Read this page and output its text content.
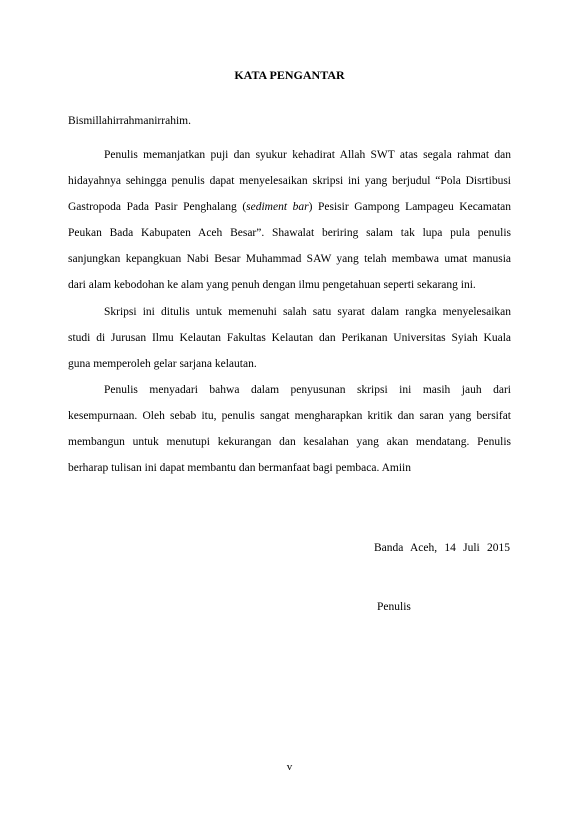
KATA PENGANTAR
Bismillahirrahmanirrahim.
Penulis memanjatkan puji dan syukur kehadirat Allah SWT atas segala rahmat dan
hidayahnya sehingga penulis dapat menyelesaikan skripsi ini yang berjudul “Pola Disrtibusi
Gastropoda Pada Pasir Penghalang (sediment bar) Pesisir Gampong Lampageu Kecamatan
Peukan Bada Kabupaten Aceh Besar”. Shawalat beriring salam tak lupa pula penulis
sanjungkan kepangkuan Nabi Besar Muhammad SAW yang telah membawa umat manusia
dari alam kebodohan ke alam yang penuh dengan ilmu pengetahuan seperti sekarang ini.
Skripsi ini ditulis untuk memenuhi salah satu syarat dalam rangka menyelesaikan
studi di Jurusan Ilmu Kelautan Fakultas Kelautan dan Perikanan Universitas Syiah Kuala
guna memperoleh gelar sarjana kelautan.
Penulis menyadari bahwa dalam penyusunan skripsi ini masih jauh dari
kesempurnaan. Oleh sebab itu, penulis sangat mengharapkan kritik dan saran yang bersifat
membangun untuk menutupi kekurangan dan kesalahan yang akan mendatang. Penulis
berharap tulisan ini dapat membantu dan bermanfaat bagi pembaca. Amiin
Banda Aceh, 14 Juli 2015
Penulis
v
